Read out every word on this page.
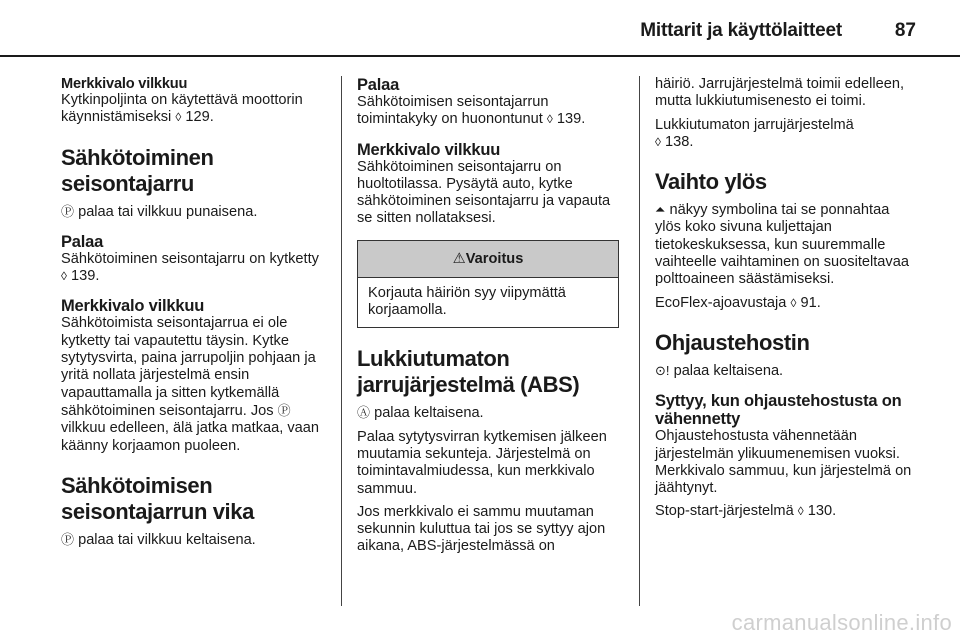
Mittarit ja käyttölaitteet	87
Merkkivalo vilkkuu

Kytkinpoljinta on käytettävä moottorin käynnistämiseksi ◊ 129.

Sähkötoiminen seisontajarru

Ⓟ palaa tai vilkkuu punaisena.

Palaa

Sähkötoiminen seisontajarru on kytketty ◊ 139.

Merkkivalo vilkkuu

Sähkötoimista seisontajarrua ei ole kytketty tai vapautettu täysin. Kytke sytytysvirta, paina jarrupoljin pohjaan ja yritä nollata järjestelmä ensin vapauttamalla ja sitten kytkemällä sähkötoiminen seisontajarru. Jos Ⓟ vilkkuu edelleen, älä jatka matkaa, vaan käänny korjaamon puoleen.

Sähkötoimisen seisontajarrun vika

Ⓟ palaa tai vilkkuu keltaisena.

Palaa

Sähkötoimisen seisontajarrun toimintakyky on huonontunut ◊ 139.

Merkkivalo vilkkuu

Sähkötoiminen seisontajarru on huoltotilassa. Pysäytä auto, kytke sähkötoiminen seisontajarru ja vapauta se sitten nollataksesi.

⚠Varoitus
Korjauta häiriön syy viipymättä korjaamolla.
Lukkiutumaton jarrujärjestelmä (ABS)

Ⓐ palaa keltaisena.

Palaa sytytysvirran kytkemisen jälkeen muutamia sekunteja. Järjestelmä on toimintavalmiudessa, kun merkkivalo sammuu.

Jos merkkivalo ei sammu muutaman sekunnin kuluttua tai jos se syttyy ajon aikana, ABS-järjestelmässä on

häiriö. Jarrujärjestelmä toimii edelleen, mutta lukkiutumisenesto ei toimi.

Lukkiutumaton jarrujärjestelmä
◊ 138.

Vaihto ylös

⏶ näkyy symbolina tai se ponnahtaa ylös koko sivuna kuljettajan tietokeskuksessa, kun suuremmalle vaihteelle vaihtaminen on suositeltavaa polttoaineen säästämiseksi.

EcoFlex-ajoavustaja ◊ 91.

Ohjaustehostin

⊙! palaa keltaisena.

Syttyy, kun ohjaustehostusta on vähennetty

Ohjaustehostusta vähennetään järjestelmän ylikuumenemisen vuoksi. Merkkivalo sammuu, kun järjestelmä on jäähtynyt.

Stop-start-järjestelmä ◊ 130.

carmanualsonline.info
